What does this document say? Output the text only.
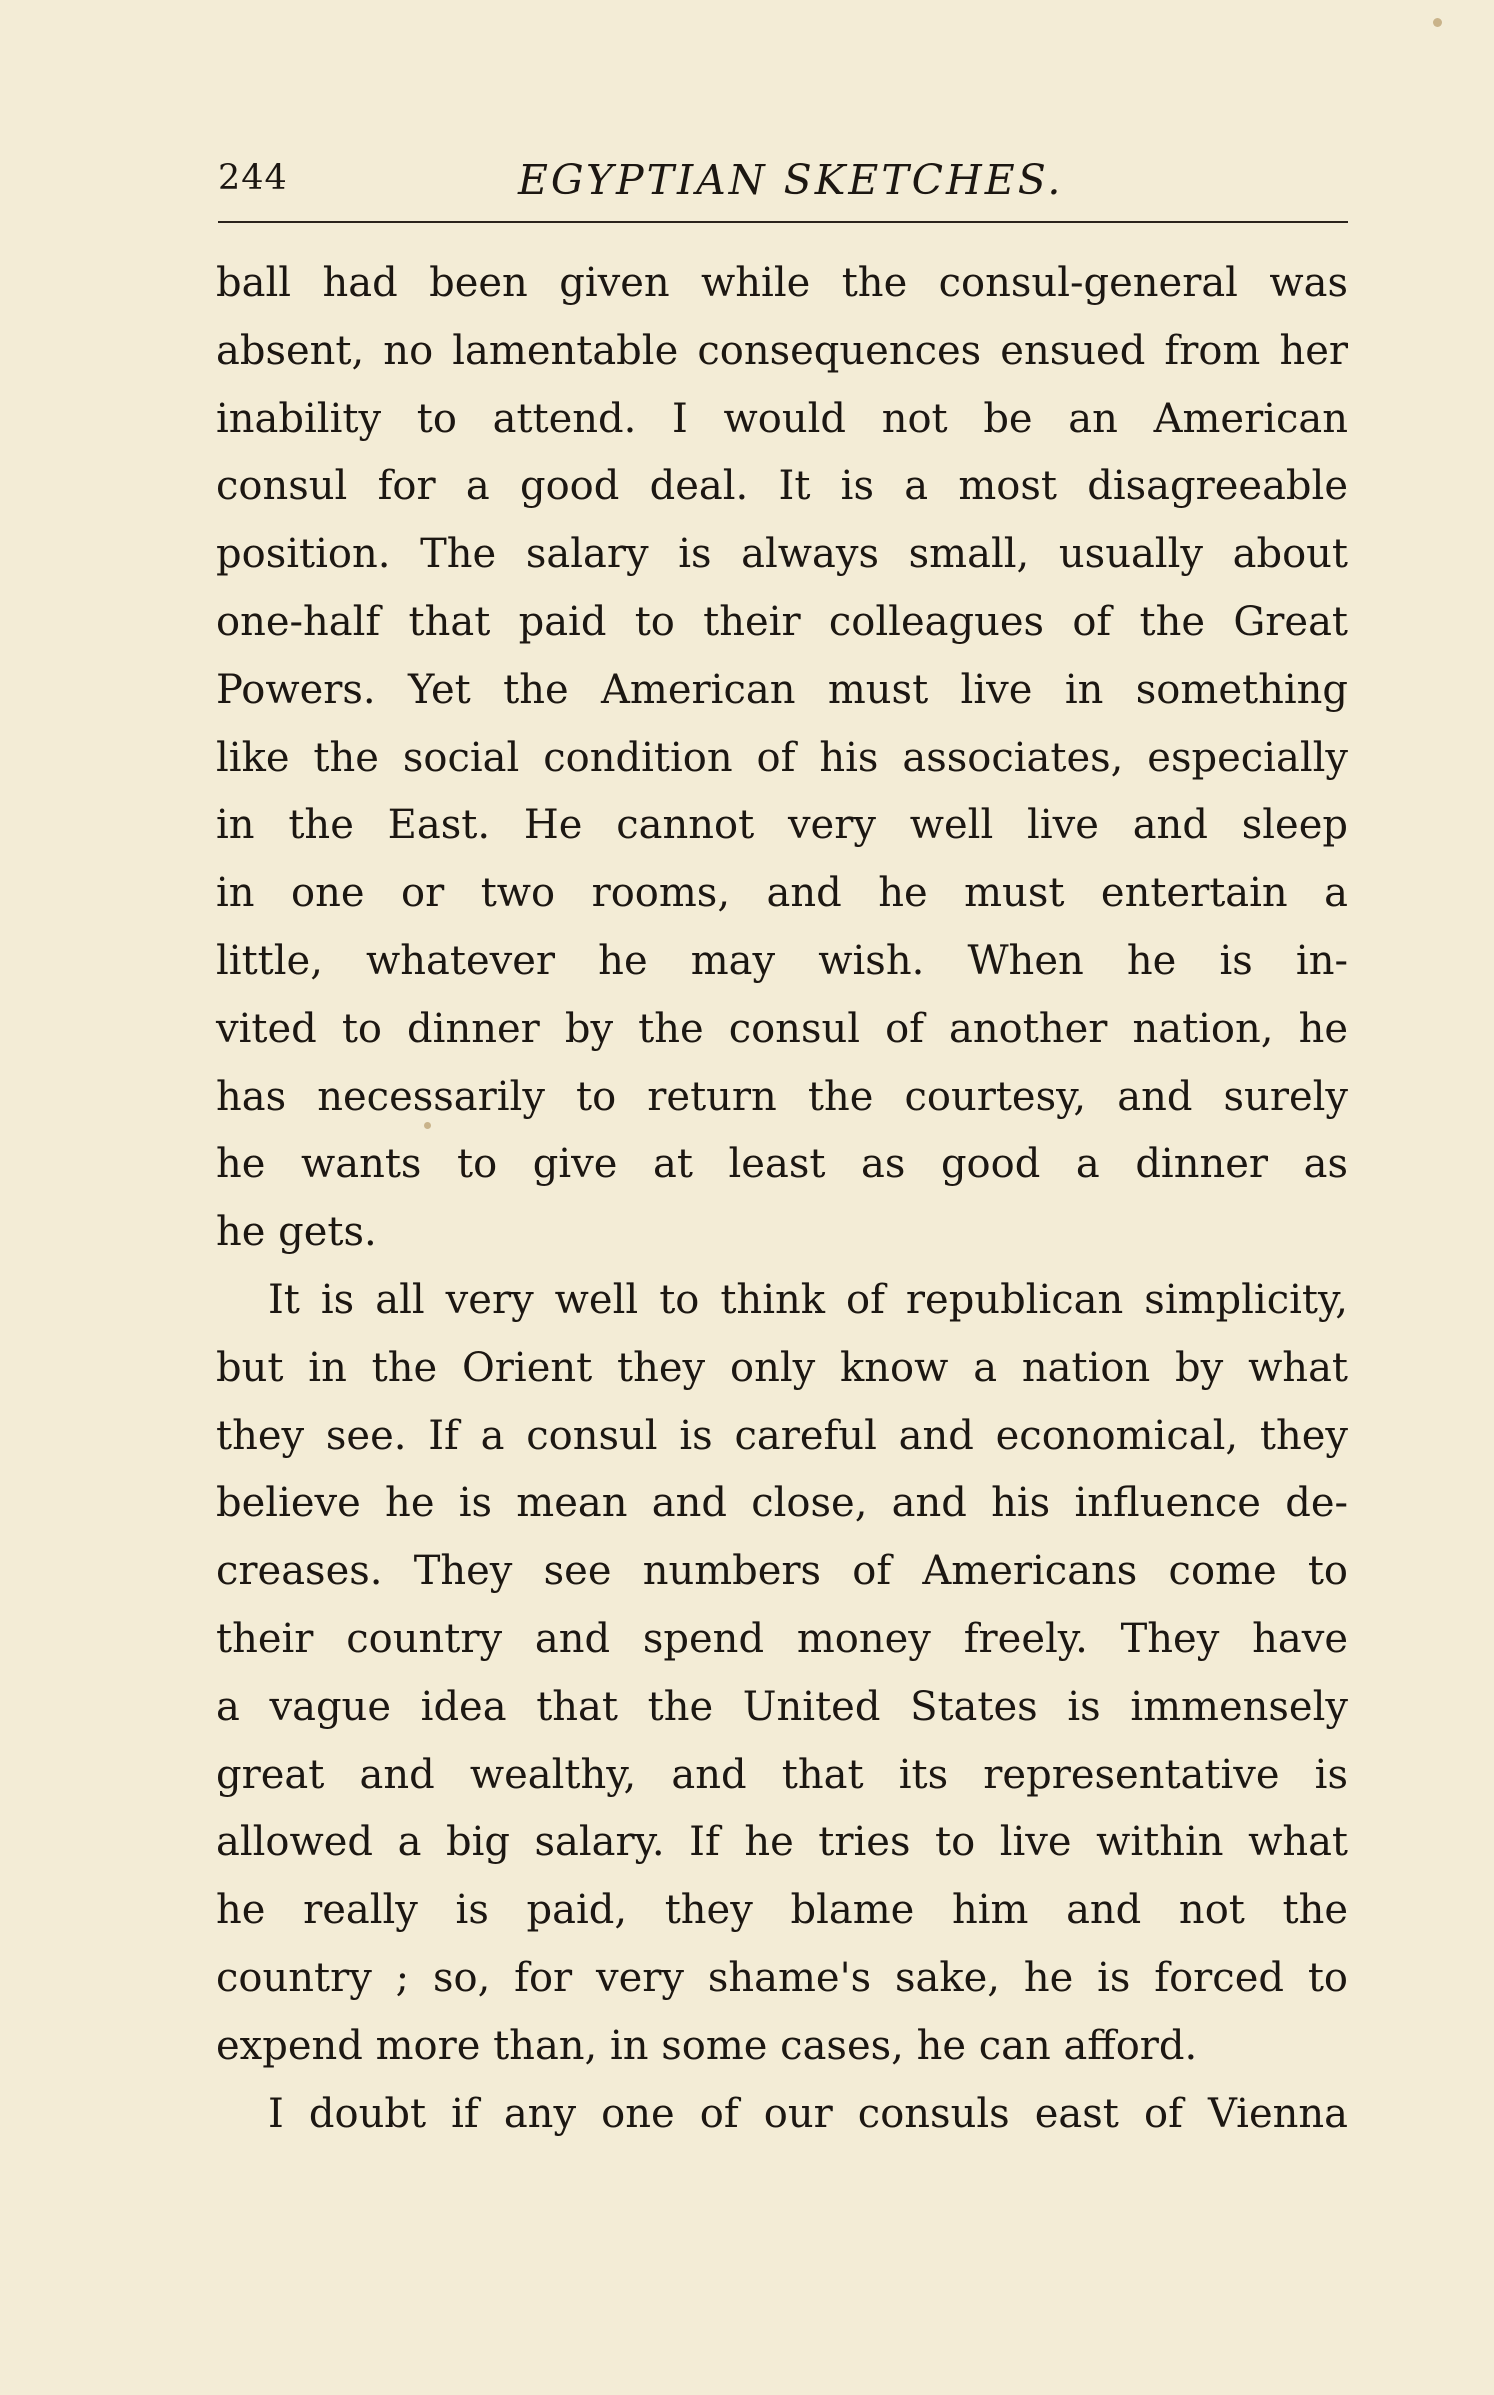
244	EGYPTIAN SKETCHES.
ball had been given while the consul-general was
absent, no lamentable consequences ensued from her
inability to attend. I would not be an American
consul for a good deal. It is a most disagreeable
position. The salary is always small, usually about
one-half that paid to their colleagues of the Great
Powers. Yet the American must live in something
like the social condition of his associates, especially
in the East. He cannot very well live and sleep
in one or two rooms, and he must entertain a
little, whatever he may wish. When he is in-
vited to dinner by the consul of another nation, he
has necessarily to return the courtesy, and surely
he wants to give at least as good a dinner as
he gets.
It is all very well to think of republican simplicity,
but in the Orient they only know a nation by what
they see. If a consul is careful and economical, they
believe he is mean and close, and his influence de-
creases. They see numbers of Americans come to
their country and spend money freely. They have
a vague idea that the United States is immensely
great and wealthy, and that its representative is
allowed a big salary. If he tries to live within what
he really is paid, they blame him and not the
country ; so, for very shame's sake, he is forced to
expend more than, in some cases, he can afford.
I doubt if any one of our consuls east of Vienna
